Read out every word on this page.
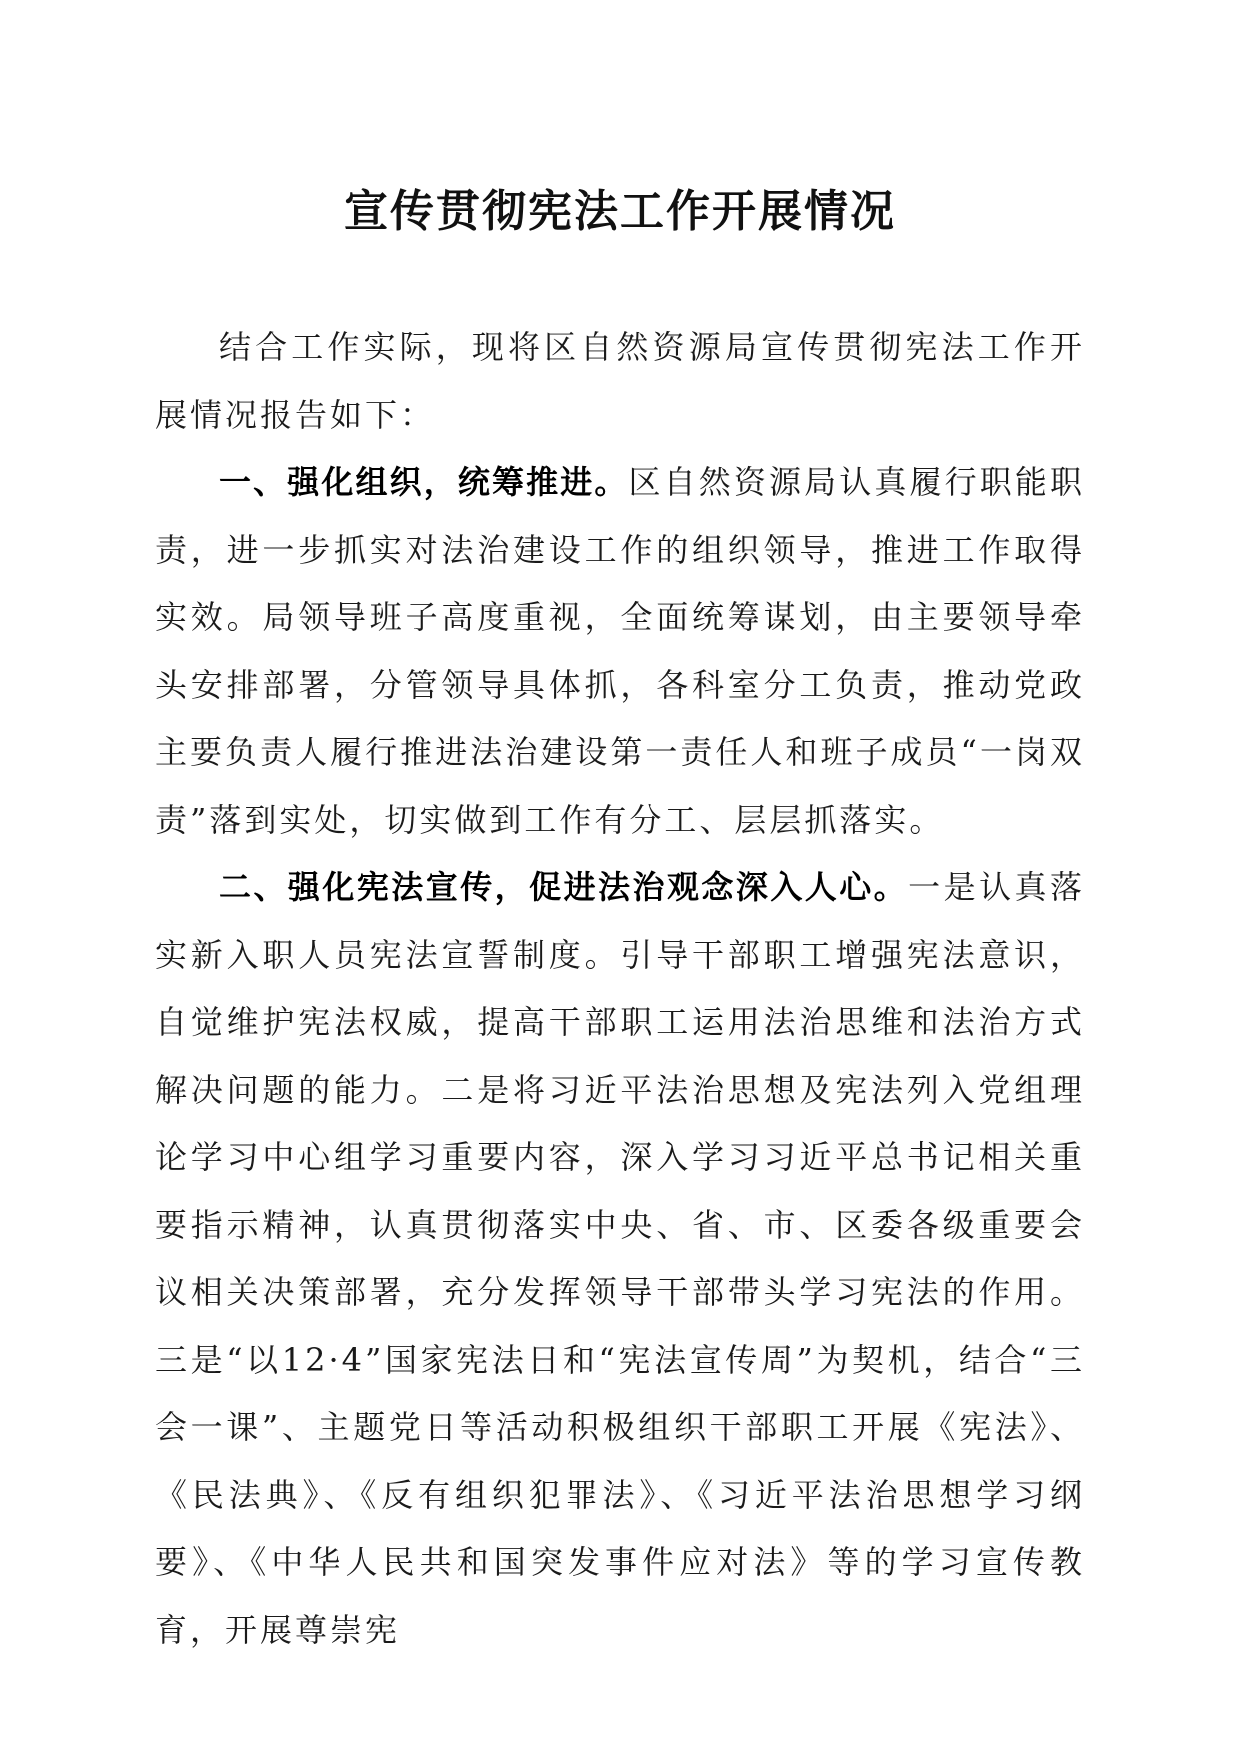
宣传贯彻宪法工作开展情况

结合工作实际，现将区自然资源局宣传贯彻宪法工作开展情况报告如下：

一、强化组织，统筹推进。区自然资源局认真履行职能职责，进一步抓实对法治建设工作的组织领导，推进工作取得实效。局领导班子高度重视，全面统筹谋划，由主要领导牵头安排部署，分管领导具体抓，各科室分工负责，推动党政主要负责人履行推进法治建设第一责任人和班子成员“一岗双责”落到实处，切实做到工作有分工、层层抓落实。

二、强化宪法宣传，促进法治观念深入人心。一是认真落实新入职人员宪法宣誓制度。引导干部职工增强宪法意识，自觉维护宪法权威，提高干部职工运用法治思维和法治方式解决问题的能力。二是将习近平法治思想及宪法列入党组理论学习中心组学习重要内容，深入学习习近平总书记相关重要指示精神，认真贯彻落实中央、省、市、区委各级重要会议相关决策部署，充分发挥领导干部带头学习宪法的作用。三是“以12·4”国家宪法日和“宪法宣传周”为契机，结合“三会一课”、主题党日等活动积极组织干部职工开展《宪法》、《民法典》、《反有组织犯罪法》、《习近平法治思想学习纲要》、《中华人民共和国突发事件应对法》等的学习宣传教育，开展尊崇宪
